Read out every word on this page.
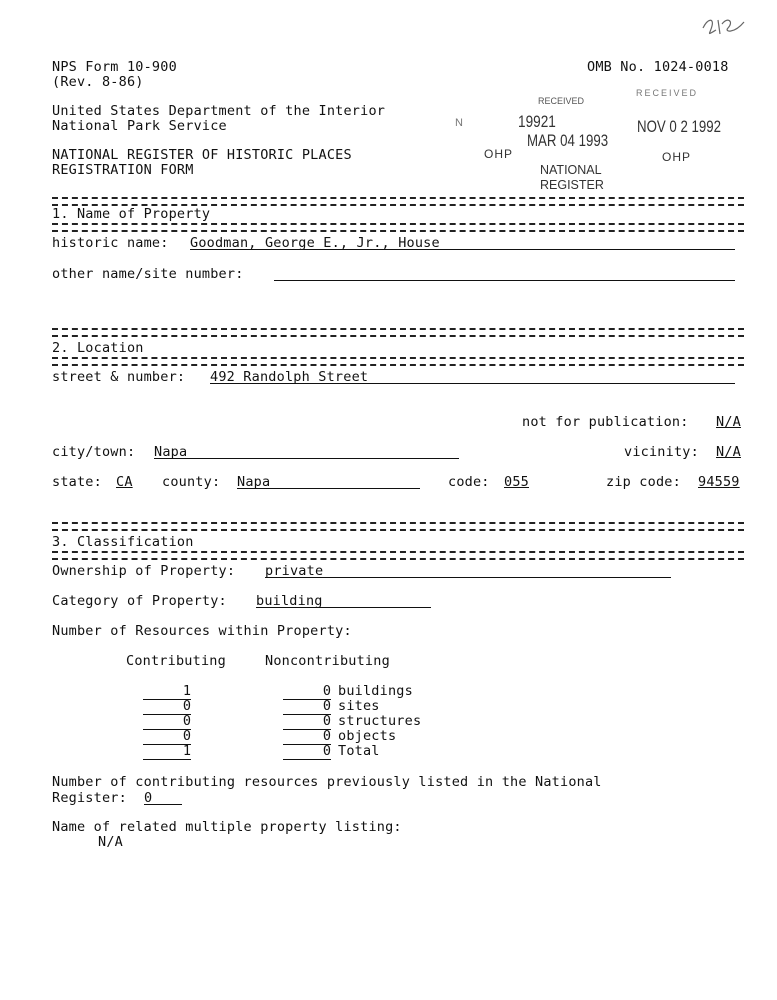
NPS Form 10-900
(Rev. 8-86)
OMB No. 1024-0018
United States Department of the Interior
National Park Service
NATIONAL REGISTER OF HISTORIC PLACES
REGISTRATION FORM
RECEIVED
N	19921
MAR 04 1993
OHP
NATIONAL
REGISTER
RECEIVED
NOV 0 2 1992
OHP
1. Name of Property
historic name: Goodman, George E., Jr., House
other name/site number:
2. Location
street & number: 492 Randolph Street
not for publication: N/A
city/town: Napa	vicinity: N/A
state: CA county: Napa	code: 055	zip code: 94559
3. Classification
Ownership of Property: private
Category of Property: building
Number of Resources within Property:
Contributing	Noncontributing
1	0 buildings
0	0 sites
0	0 structures
0	0 objects
1	0 Total
Number of contributing resources previously listed in the National
Register: 0
Name of related multiple property listing:
N/A
